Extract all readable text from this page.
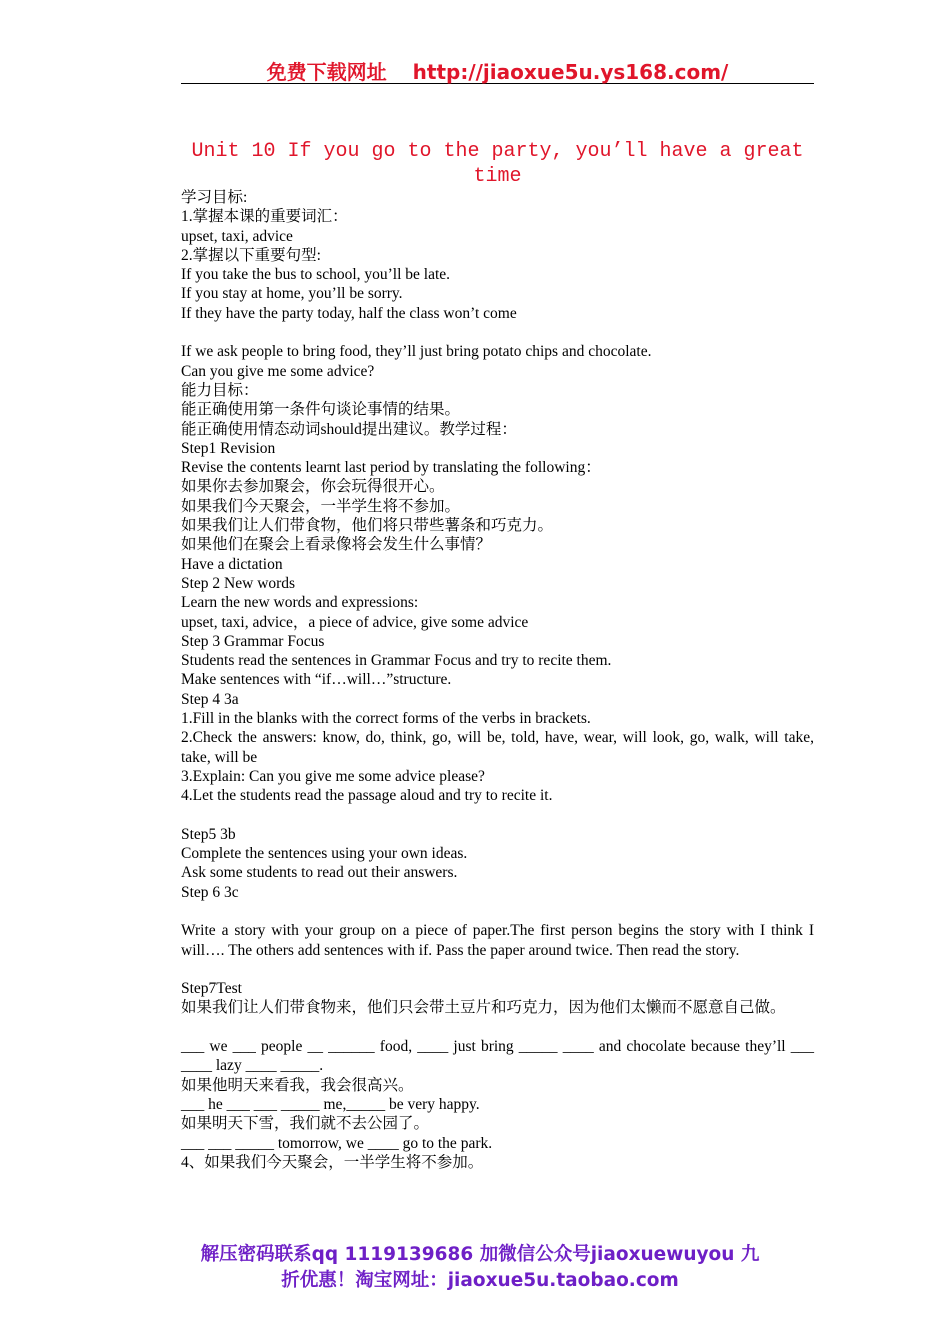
免费下载网址 http://jiaoxue5u.ys168.com/
Unit 10 If you go to the party, you’ll have a great time

学习目标:

1.掌握本课的重要词汇：

upset, taxi, advice

2.掌握以下重要句型:

If you take the bus to school, you’ll be late.

If you stay at home, you’ll be sorry.

If they have the party today, half the class won’t come

If we ask people to bring food, they’ll just bring potato chips and chocolate.

Can you give me some advice?

能力目标：

能正确使用第一条件句谈论事情的结果。

能正确使用情态动词should提出建议。教学过程：

Step1 Revision

Revise the contents learnt last period by translating the following：

如果你去参加聚会，你会玩得很开心。

如果我们今天聚会，一半学生将不参加。

如果我们让人们带食物，他们将只带些薯条和巧克力。

如果他们在聚会上看录像将会发生什么事情？

Have a dictation

Step 2 New words

Learn the new words and expressions:

upset, taxi, advice，a piece of advice, give some advice

Step 3 Grammar Focus

Students read the sentences in Grammar Focus and try to recite them.

Make sentences with “if…will…”structure.

Step 4 3a

1.Fill in the blanks with the correct forms of the verbs in brackets.

2.Check the answers: know, do, think, go, will be, told, have, wear, will look, go, walk, will take, take, will be

3.Explain: Can you give me some advice please?

4.Let the students read the passage aloud and try to recite it.

Step5 3b

Complete the sentences using your own ideas.

Ask some students to read out their answers.

Step 6 3c

Write a story with your group on a piece of paper.The first person begins the story with I think I will…. The others add sentences with if. Pass the paper around twice. Then read the story.

Step7Test

如果我们让人们带食物来，他们只会带土豆片和巧克力，因为他们太懒而不愿意自己做。

___ we ___ people __ ______ food, ____ just bring _____ ____ and chocolate because they’ll ___ ____ lazy ____ _____.

如果他明天来看我，我会很高兴。

___ he ___ ___ _____ me,_____ be very happy.

如果明天下雪，我们就不去公园了。

___ ___ _____ tomorrow, we ____ go to the park.

4、如果我们今天聚会，一半学生将不参加。

解压密码联系qq 1119139686 加微信公众号jiaoxuewuyou 九
折优惠！淘宝网址：jiaoxue5u.taobao.com
